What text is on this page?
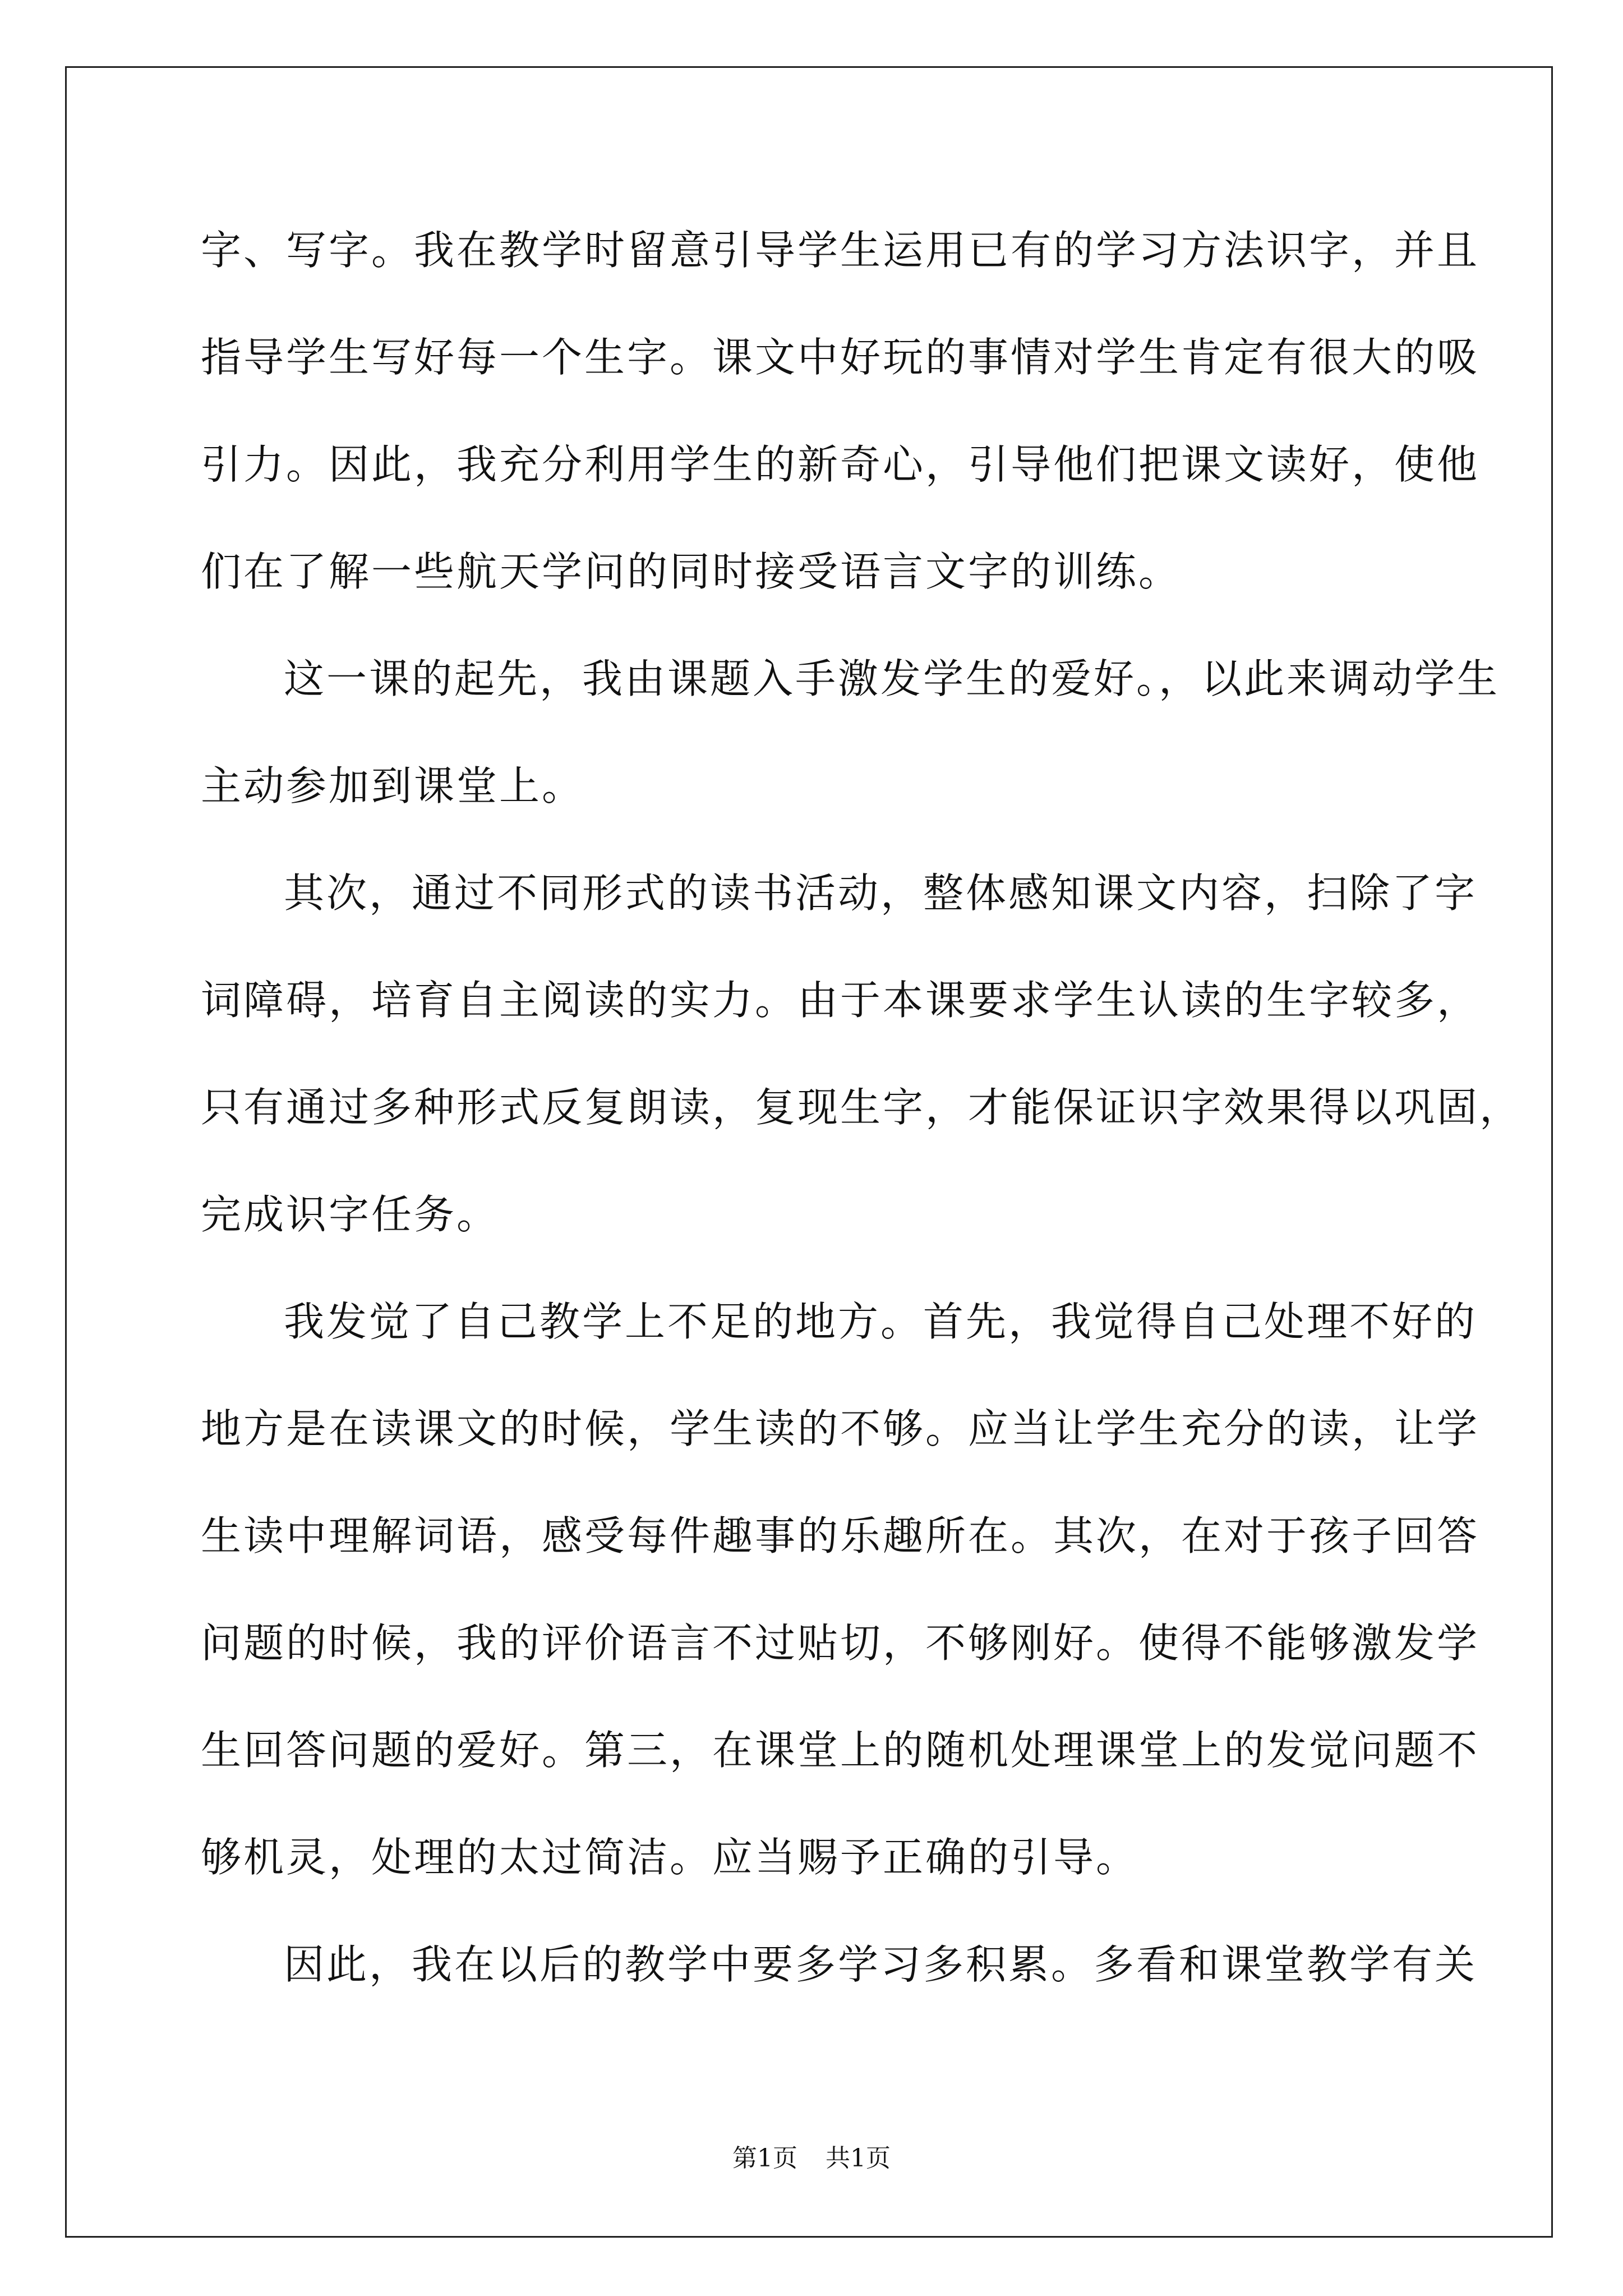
字、写字。我在教学时留意引导学生运用已有的学习方法识字，并且
指导学生写好每一个生字。课文中好玩的事情对学生肯定有很大的吸
引力。因此，我充分利用学生的新奇心，引导他们把课文读好，使他
们在了解一些航天学问的同时接受语言文字的训练。
这一课的起先，我由课题入手激发学生的爱好。，以此来调动学生
主动参加到课堂上。
其次，通过不同形式的读书活动，整体感知课文内容，扫除了字
词障碍，培育自主阅读的实力。由于本课要求学生认读的生字较多，
只有通过多种形式反复朗读，复现生字，才能保证识字效果得以巩固，
完成识字任务。
我发觉了自己教学上不足的地方。首先，我觉得自己处理不好的
地方是在读课文的时候，学生读的不够。应当让学生充分的读，让学
生读中理解词语，感受每件趣事的乐趣所在。其次，在对于孩子回答
问题的时候，我的评价语言不过贴切，不够刚好。使得不能够激发学
生回答问题的爱好。第三，在课堂上的随机处理课堂上的发觉问题不
够机灵，处理的太过简洁。应当赐予正确的引导。
因此，我在以后的教学中要多学习多积累。多看和课堂教学有关
第1页 共1页
